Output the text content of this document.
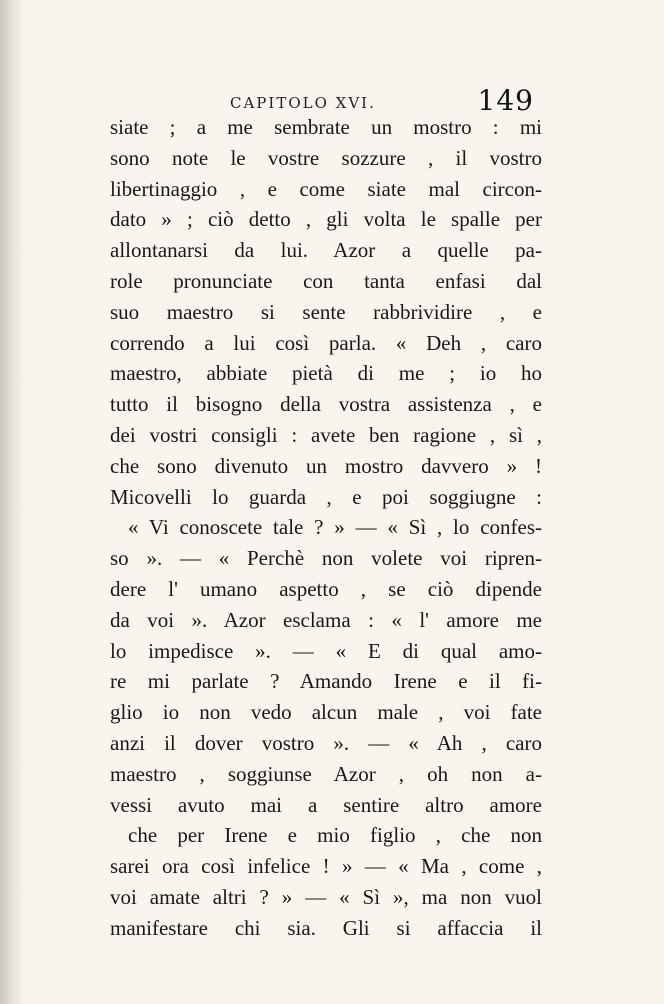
CAPITOLO XVI.	149
siate ; a me sembrate un mostro : mi
sono note le vostre sozzure , il vostro
libertinaggio , e come siate mal circon-
dato » ; ciò detto , gli volta le spalle per
allontanarsi da lui. Azor a quelle pa-
role pronunciate con tanta enfasi dal
suo maestro si sente rabbrividire , e
correndo a lui così parla. « Deh , caro
maestro, abbiate pietà di me ; io ho
tutto il bisogno della vostra assistenza , e
dei vostri consigli : avete ben ragione , sì ,
che sono divenuto un mostro davvero » !
Micovelli lo guarda , e poi soggiugne :
« Vi conoscete tale ? » — « Sì , lo confes-
so ». — « Perchè non volete voi ripren-
dere l' umano aspetto , se ciò dipende
da voi ». Azor esclama : « l' amore me
lo impedisce ». — « E di qual amo-
re mi parlate ? Amando Irene e il fi-
glio io non vedo alcun male , voi fate
anzi il dover vostro ». — « Ah , caro
maestro , soggiunse Azor , oh non a-
vessi avuto mai a sentire altro amore
che per Irene e mio figlio , che non
sarei ora così infelice ! » — « Ma , come ,
voi amate altri ? » — « Sì », ma non vuol
manifestare chi sia. Gli si affaccia il
